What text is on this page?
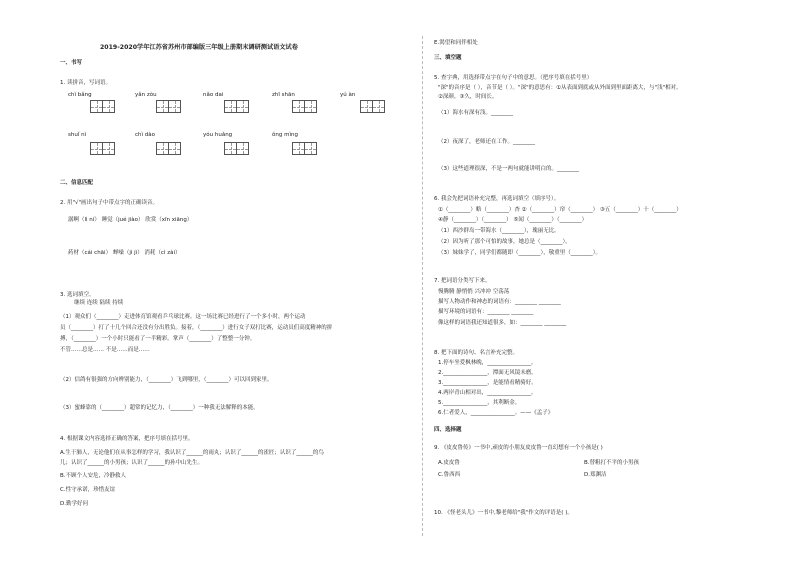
2019-2020学年江苏省苏州市部编版三年级上册期末调研测试语文试卷
一、书写
1. 读拼音，写词语。
chì bǎng	yǎn zòu	nǎo dai	zhī shān	yú àn
shuǐ nì	chì dào	yóu huǎng	ǒng mìng
二、信息匹配
2. 用"√"画出句子中带点字的正确读音。
潺啊（lì ní） 睡觉（jué jiào） 欣赏（xīn xiāng）
药材（cái chāi） 蝉噪（jì jì） 消耗（cì zài）
3. 选词填空。
继续 连续 陆续 持续
（1）观众们（________）走进体育馆观看乒乓球比赛。这一场比赛已经进行了一个多小时，两个运动
员（________）打了十几个回合还没有分出胜负。接着，（________）进行女子双打比赛，运动员们高度精神的拼
搏，（________）一个小时只能看了一半精彩。掌声（________）了整整一分钟。
不管……总是…… 不是……而是……
（2）信鸽有很强的方向辨别能力，（________）飞到哪里，（________）可以回到家里。
（3）蜜蜂靠的（________）超常的记忆力，（________）一种我无法解释的本能。
4. 根据课文内容选择正确的答案，把序号填在括号里。
A.生于肺人，无论他们在从事怎样的学习，我认识了______的雨丸；认识了______的雀匠；认识了______的鸟
儿；认识了______的小男孩；认识了______的孙中山先生。
B.不顾个人安危，冷静救人
C.性守承诺，珍惜友谊
D.勤学好问
E.渴望和同伴相处
三、填空题
5. 查字典，用选择带点字在句子中的意思。（把序号填在括号里）
"深"的音序是（ ），音节是（ ）。"深"的意思有：①从表面到底或从外面到里面距离大，与"浅"相对。
②深颜。③久，时间长。
（1）海水有深有浅。________
（2）夜深了，老师还在工作。________
（3）这些道理很深，不是一两句就能讲明白的。________
6. 我会先把词语补充完整，再选词填空（填序号）。
①（________）略（________）杏 ②（________）帘（________） ③五（________）十（________）
④静（________）（________） ⑤闻（________）（________）
（1）西沙群岛一带海水（________），瑰丽无比。
（2）因为听了那个可怕的故事，她总是（________）。
（3）妹妹学了，同学们都随即（________），敬重里（________）。
7. 把词语分类写下来。
慢腾腾 静悄悄 兴冲冲 空荡荡
描写人物动作和神态的词语有：________ ________
描写环境的词语有：________ ________
像这样的词语我还知道很多，如：________ ________
8. 把下面的诗句、名言补充完整。
1.停车坐爱枫林晚，________________。
2.________________，潭面无风镜未磨。
3.________________，是能情看精骑好。
4.两岸青山相对出，________________。
5.________________，其利断金。
6.仁者爱人，________________。——《孟子》
四、选择题
9. 《皮皮鲁传》一书中,顽皮的小朋友皮皮鲁一直幻想有一个小孩是( )
A.皮皮鲁	B.替粗打不平的小男孩
C.鲁西西	D.郑渊洁
10. 《怪老头儿》一书中,黎老师给"我"作文的评语是( )。
